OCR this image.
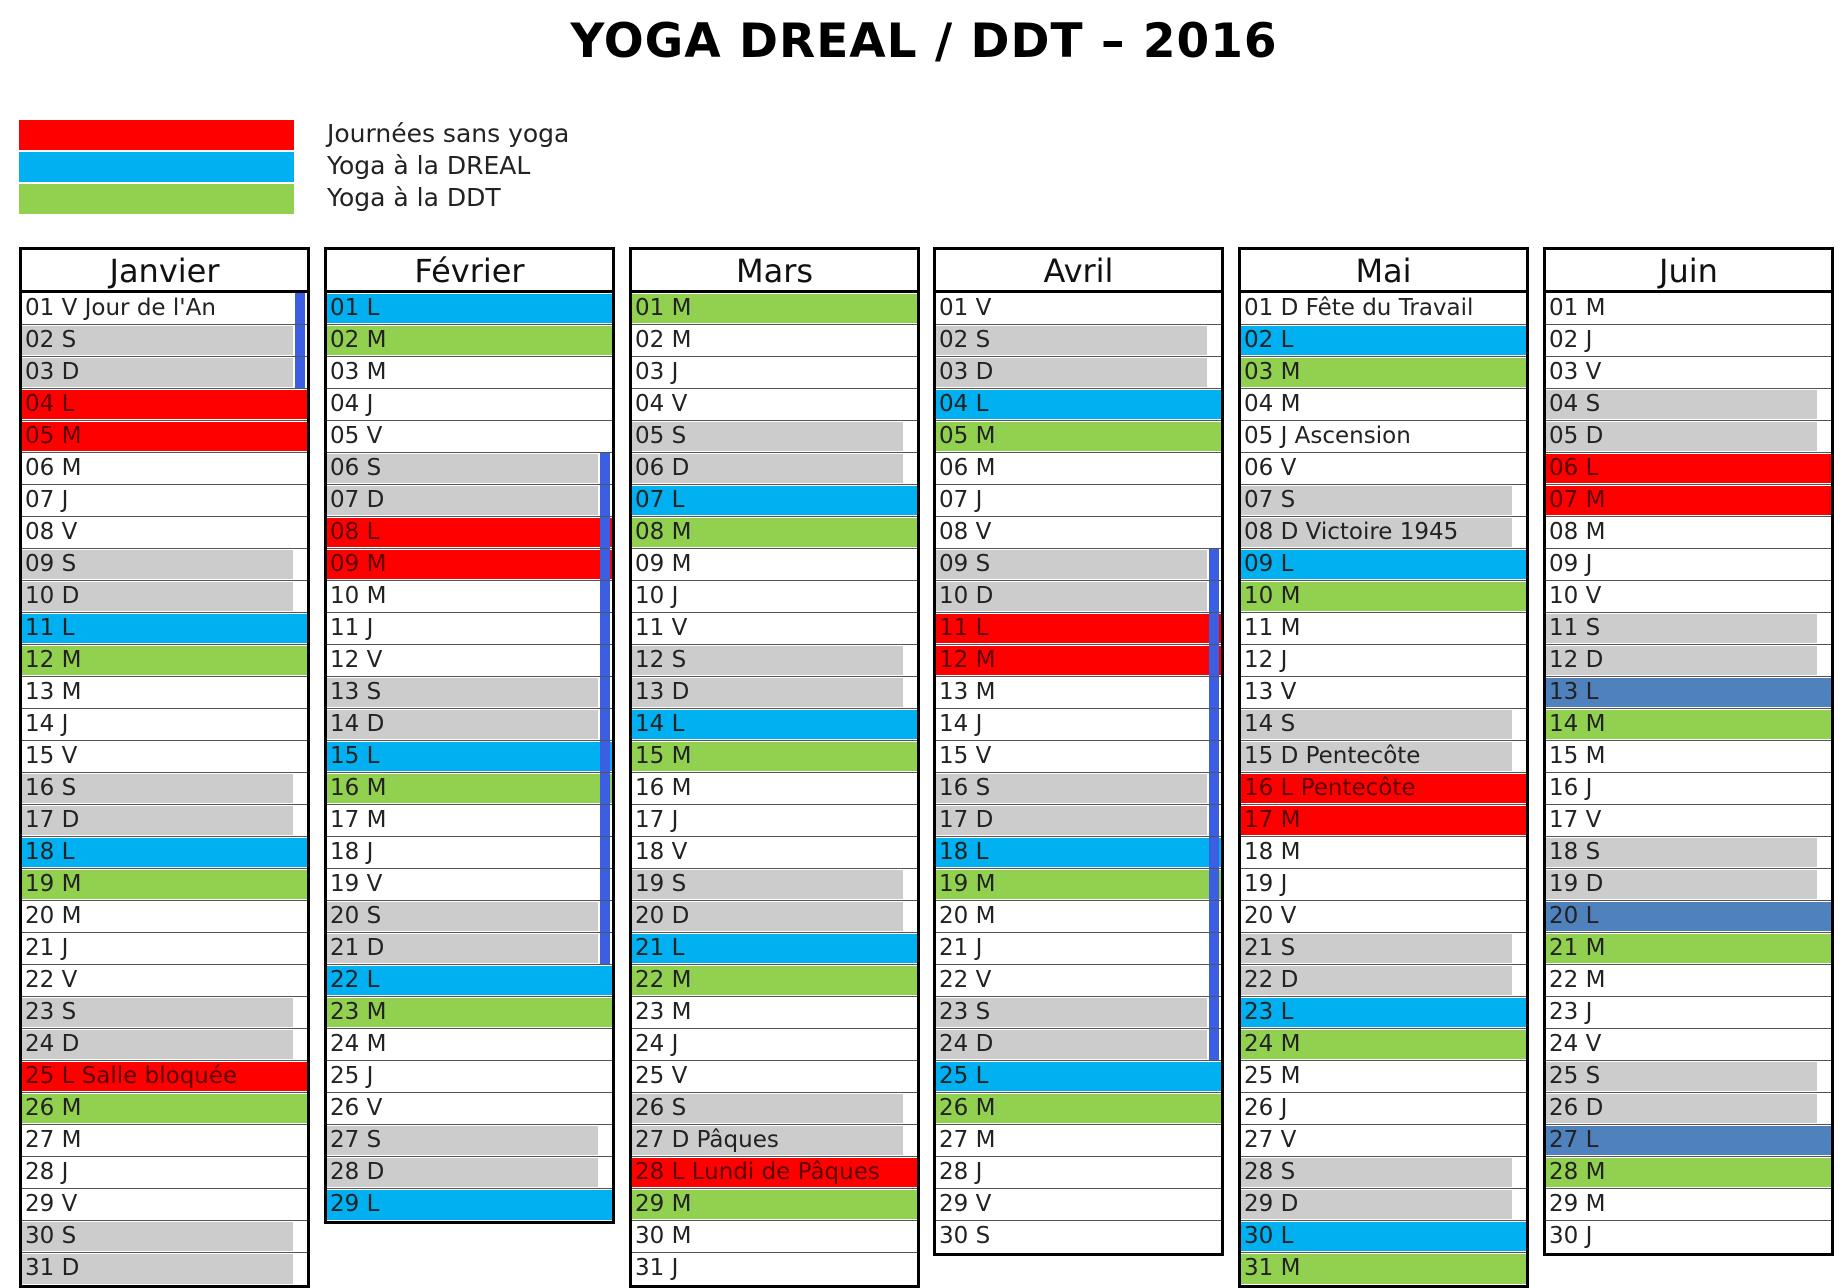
YOGA DREAL / DDT – 2016
Journées sans yoga
Yoga à la DREAL
Yoga à la DDT
Janvier
01 V Jour de l'An
02 S
03 D
04 L
05 M
06 M
07 J
08 V
09 S
10 D
11 L
12 M
13 M
14 J
15 V
16 S
17 D
18 L
19 M
20 M
21 J
22 V
23 S
24 D
25 L Salle bloquée
26 M
27 M
28 J
29 V
30 S
31 D
Février
01 L
02 M
03 M
04 J
05 V
06 S
07 D
08 L
09 M
10 M
11 J
12 V
13 S
14 D
15 L
16 M
17 M
18 J
19 V
20 S
21 D
22 L
23 M
24 M
25 J
26 V
27 S
28 D
29 L
Mars
01 M
02 M
03 J
04 V
05 S
06 D
07 L
08 M
09 M
10 J
11 V
12 S
13 D
14 L
15 M
16 M
17 J
18 V
19 S
20 D
21 L
22 M
23 M
24 J
25 V
26 S
27 D Pâques
28 L Lundi de Pâques
29 M
30 M
31 J
Avril
01 V
02 S
03 D
04 L
05 M
06 M
07 J
08 V
09 S
10 D
11 L
12 M
13 M
14 J
15 V
16 S
17 D
18 L
19 M
20 M
21 J
22 V
23 S
24 D
25 L
26 M
27 M
28 J
29 V
30 S
Mai
01 D Fête du Travail
02 L
03 M
04 M
05 J Ascension
06 V
07 S
08 D Victoire 1945
09 L
10 M
11 M
12 J
13 V
14 S
15 D Pentecôte
16 L Pentecôte
17 M
18 M
19 J
20 V
21 S
22 D
23 L
24 M
25 M
26 J
27 V
28 S
29 D
30 L
31 M
Juin
01 M
02 J
03 V
04 S
05 D
06 L
07 M
08 M
09 J
10 V
11 S
12 D
13 L
14 M
15 M
16 J
17 V
18 S
19 D
20 L
21 M
22 M
23 J
24 V
25 S
26 D
27 L
28 M
29 M
30 J
